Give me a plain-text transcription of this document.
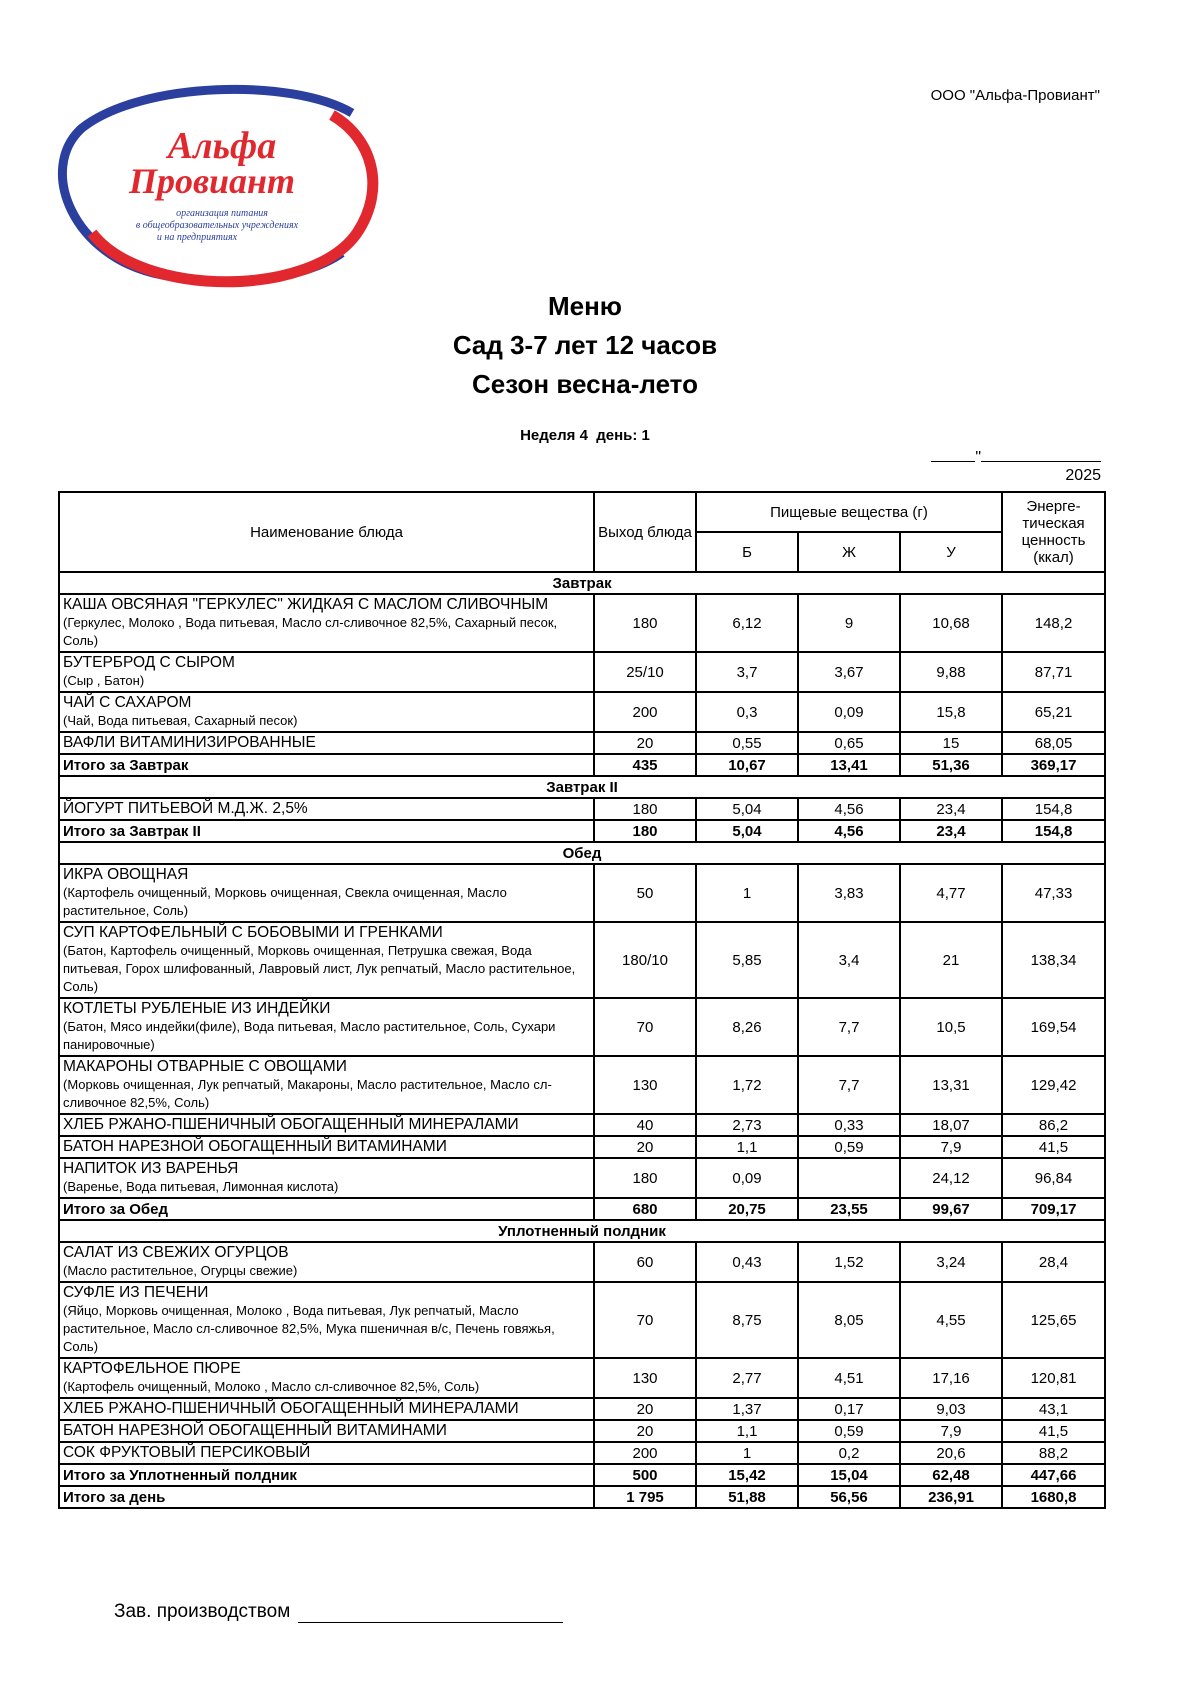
ООО "Альфа-Провиант"
Альфа
Провиант
организация питания
в общеобразовательных учреждениях
и на предприятиях
Меню
Сад 3-7 лет 12 часов
Сезон весна-лето
Неделя 4  день: 1
"2025
Наименование блюда	Выход блюда	Пищевые вещества (г)			Энерге-тическая ценность (ккал)
		Б	Ж	У	
Завтрак					

КАША ОВСЯНАЯ "ГЕРКУЛЕС" ЖИДКАЯ С МАСЛОМ СЛИВОЧНЫМ
(Геркулес, Молоко , Вода питьевая, Масло сл-сливочное 82,5%, Сахарный песок, Соль)	180	6,12	9	10,68	148,2

БУТЕРБРОД С СЫРОМ
(Сыр , Батон)	25/10	3,7	3,67	9,88	87,71

ЧАЙ С САХАРОМ
(Чай, Вода питьевая, Сахарный песок)	200	0,3	0,09	15,8	65,21

ВАФЛИ ВИТАМИНИЗИРОВАННЫЕ	20	0,55	0,65	15	68,05
Итого за Завтрак	435	10,67	13,41	51,36	369,17
Завтрак II					

ЙОГУРТ ПИТЬЕВОЙ М.Д.Ж. 2,5%	180	5,04	4,56	23,4	154,8
Итого за Завтрак II	180	5,04	4,56	23,4	154,8
Обед					

ИКРА ОВОЩНАЯ
(Картофель очищенный, Морковь очищенная, Свекла очищенная, Масло растительное, Соль)	50	1	3,83	4,77	47,33

СУП КАРТОФЕЛЬНЫЙ С БОБОВЫМИ И ГРЕНКАМИ
(Батон, Картофель очищенный, Морковь очищенная, Петрушка свежая, Вода питьевая, Горох шлифованный, Лавровый лист, Лук репчатый, Масло растительное, Соль)	180/10	5,85	3,4	21	138,34

КОТЛЕТЫ РУБЛЕНЫЕ ИЗ ИНДЕЙКИ
(Батон, Мясо индейки(филе), Вода питьевая, Масло растительное, Соль, Сухари панировочные)	70	8,26	7,7	10,5	169,54

МАКАРОНЫ ОТВАРНЫЕ С ОВОЩАМИ
(Морковь очищенная, Лук репчатый, Макароны, Масло растительное, Масло сл-сливочное 82,5%, Соль)	130	1,72	7,7	13,31	129,42

ХЛЕБ РЖАНО-ПШЕНИЧНЫЙ ОБОГАЩЕННЫЙ МИНЕРАЛАМИ	40	2,73	0,33	18,07	86,2

БАТОН НАРЕЗНОЙ ОБОГАЩЕННЫЙ ВИТАМИНАМИ	20	1,1	0,59	7,9	41,5

НАПИТОК ИЗ ВАРЕНЬЯ
(Варенье, Вода питьевая, Лимонная кислота)	180	0,09		24,12	96,84
Итого за Обед	680	20,75	23,55	99,67	709,17
Уплотненный полдник					

САЛАТ ИЗ СВЕЖИХ ОГУРЦОВ
(Масло растительное, Огурцы свежие)	60	0,43	1,52	3,24	28,4

СУФЛЕ ИЗ ПЕЧЕНИ
(Яйцо, Морковь очищенная, Молоко , Вода питьевая, Лук репчатый, Масло растительное, Масло сл-сливочное 82,5%, Мука пшеничная в/с, Печень говяжья, Соль)	70	8,75	8,05	4,55	125,65

КАРТОФЕЛЬНОЕ ПЮРЕ
(Картофель очищенный, Молоко , Масло сл-сливочное 82,5%, Соль)	130	2,77	4,51	17,16	120,81

ХЛЕБ РЖАНО-ПШЕНИЧНЫЙ ОБОГАЩЕННЫЙ МИНЕРАЛАМИ	20	1,37	0,17	9,03	43,1

БАТОН НАРЕЗНОЙ ОБОГАЩЕННЫЙ ВИТАМИНАМИ	20	1,1	0,59	7,9	41,5

СОК ФРУКТОВЫЙ ПЕРСИКОВЫЙ	200	1	0,2	20,6	88,2
Итого за Уплотненный полдник	500	15,42	15,04	62,48	447,66
Итого за день	1 795	51,88	56,56	236,91	1680,8
Зав. производством
